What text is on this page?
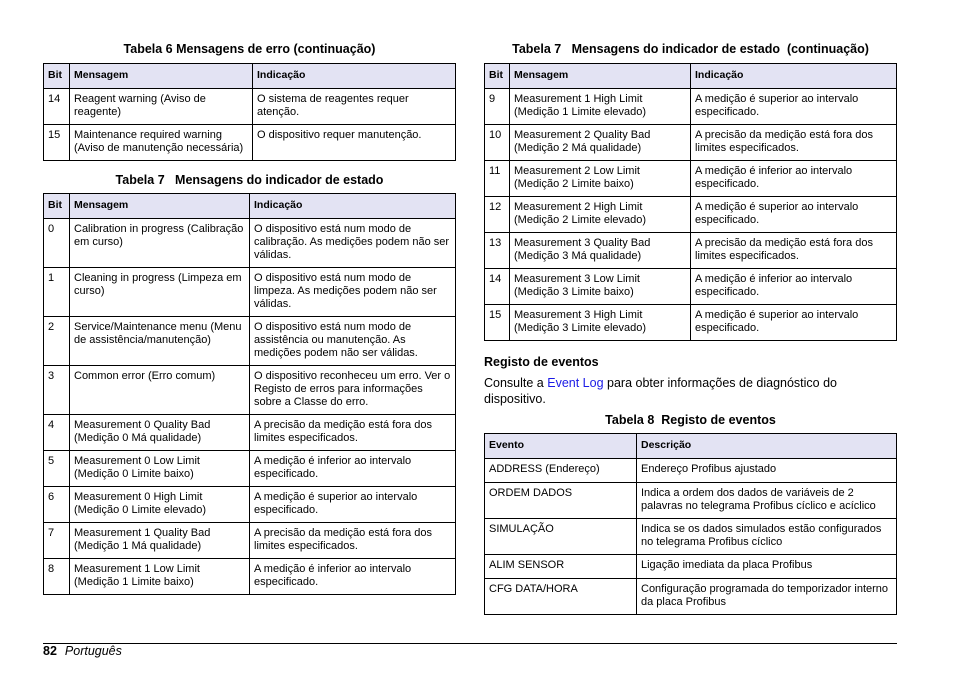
Tabela 6 Mensagens de erro (continuação)

Bit	Mensagem	Indicação
14	Reagent warning (Aviso de reagente)	O sistema de reagentes requer atenção.
15	Maintenance required warning (Aviso de manutenção necessária)	O dispositivo requer manutenção.

Tabela 7   Mensagens do indicador de estado

Bit	Mensagem	Indicação
0	Calibration in progress (Calibração em curso)	O dispositivo está num modo de calibração. As medições podem não ser válidas.
1	Cleaning in progress (Limpeza em curso)	O dispositivo está num modo de limpeza. As medições podem não ser válidas.
2	Service/Maintenance menu (Menu de assistência/manutenção)	O dispositivo está num modo de assistência ou manutenção. As medições podem não ser válidas.
3	Common error (Erro comum)	O dispositivo reconheceu um erro. Ver o Registo de erros para informações sobre a Classe do erro.
4	Measurement 0 Quality Bad (Medição 0 Má qualidade)	A precisão da medição está fora dos limites especificados.
5	Measurement 0 Low Limit (Medição 0 Limite baixo)	A medição é inferior ao intervalo especificado.
6	Measurement 0 High Limit (Medição 0 Limite elevado)	A medição é superior ao intervalo especificado.
7	Measurement 1 Quality Bad (Medição 1 Má qualidade)	A precisão da medição está fora dos limites especificados.
8	Measurement 1 Low Limit (Medição 1 Limite baixo)	A medição é inferior ao intervalo especificado.

Tabela 7   Mensagens do indicador de estado  (continuação)

Bit	Mensagem	Indicação
9	Measurement 1 High Limit (Medição 1 Limite elevado)	A medição é superior ao intervalo especificado.
10	Measurement 2 Quality Bad (Medição 2 Má qualidade)	A precisão da medição está fora dos limites especificados.
11	Measurement 2 Low Limit (Medição 2 Limite baixo)	A medição é inferior ao intervalo especificado.
12	Measurement 2 High Limit (Medição 2 Limite elevado)	A medição é superior ao intervalo especificado.
13	Measurement 3 Quality Bad (Medição 3 Má qualidade)	A precisão da medição está fora dos limites especificados.
14	Measurement 3 Low Limit (Medição 3 Limite baixo)	A medição é inferior ao intervalo especificado.
15	Measurement 3 High Limit (Medição 3 Limite elevado)	A medição é superior ao intervalo especificado.

Registo de eventos

Consulte a Event Log para obter informações de diagnóstico do dispositivo.

Tabela 8  Registo de eventos

Evento	Descrição
ADDRESS (Endereço)	Endereço Profibus ajustado
ORDEM DADOS	Indica a ordem dos dados de variáveis de 2 palavras no telegrama Profibus cíclico e acíclico
SIMULAÇÃO	Indica se os dados simulados estão configurados no telegrama Profibus cíclico
ALIM SENSOR	Ligação imediata da placa Profibus
CFG DATA/HORA	Configuração programada do temporizador interno da placa Profibus
82 Português
